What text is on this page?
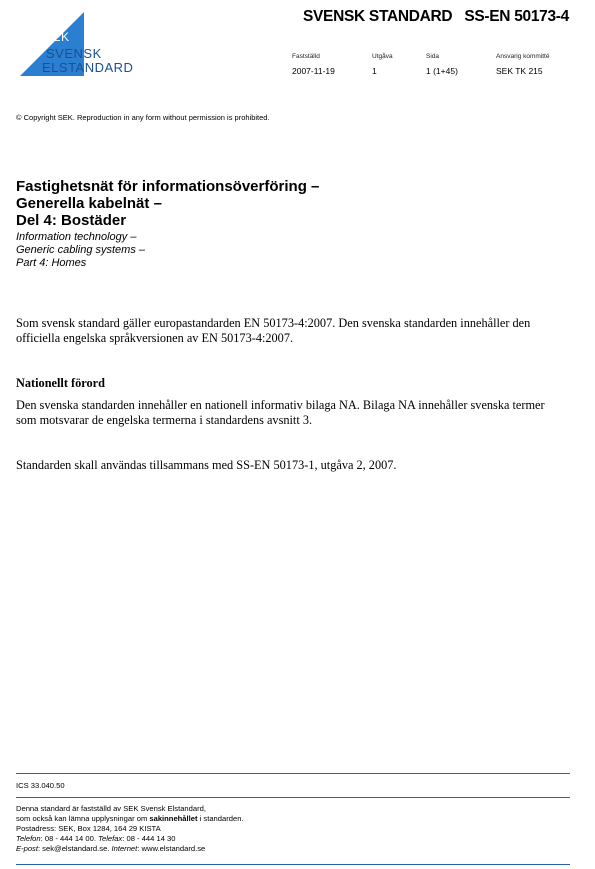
SEK
SVENSK
ELSTANDARD
SVENSK STANDARD SS-EN 50173-4
Fastställd	Utgåva	Sida	Ansvarig kommitté
2007-11-19	1	1 (1+45)	SEK TK 215
© Copyright SEK. Reproduction in any form without permission is prohibited.
Fastighetsnät för informationsöverföring –
Generella kabelnät –
Del 4: Bostäder
Information technology –
Generic cabling systems –
Part 4: Homes
Som svensk standard gäller europastandarden EN 50173-4:2007. Den svenska standarden innehåller den
officiella engelska språkversionen av EN 50173-4:2007.
Nationellt förord
Den svenska standarden innehåller en nationell informativ bilaga NA. Bilaga NA innehåller svenska termer
som motsvarar de engelska termerna i standardens avsnitt 3.
Standarden skall användas tillsammans med SS-EN 50173-1, utgåva 2, 2007.
ICS 33.040.50
Denna standard är fastställd av SEK Svensk Elstandard,
som också kan lämna upplysningar om sakinnehållet i standarden.
Postadress: SEK, Box 1284, 164 29 KISTA
Telefon: 08 - 444 14 00. Telefax: 08 - 444 14 30
E-post: sek@elstandard.se. Internet: www.elstandard.se
